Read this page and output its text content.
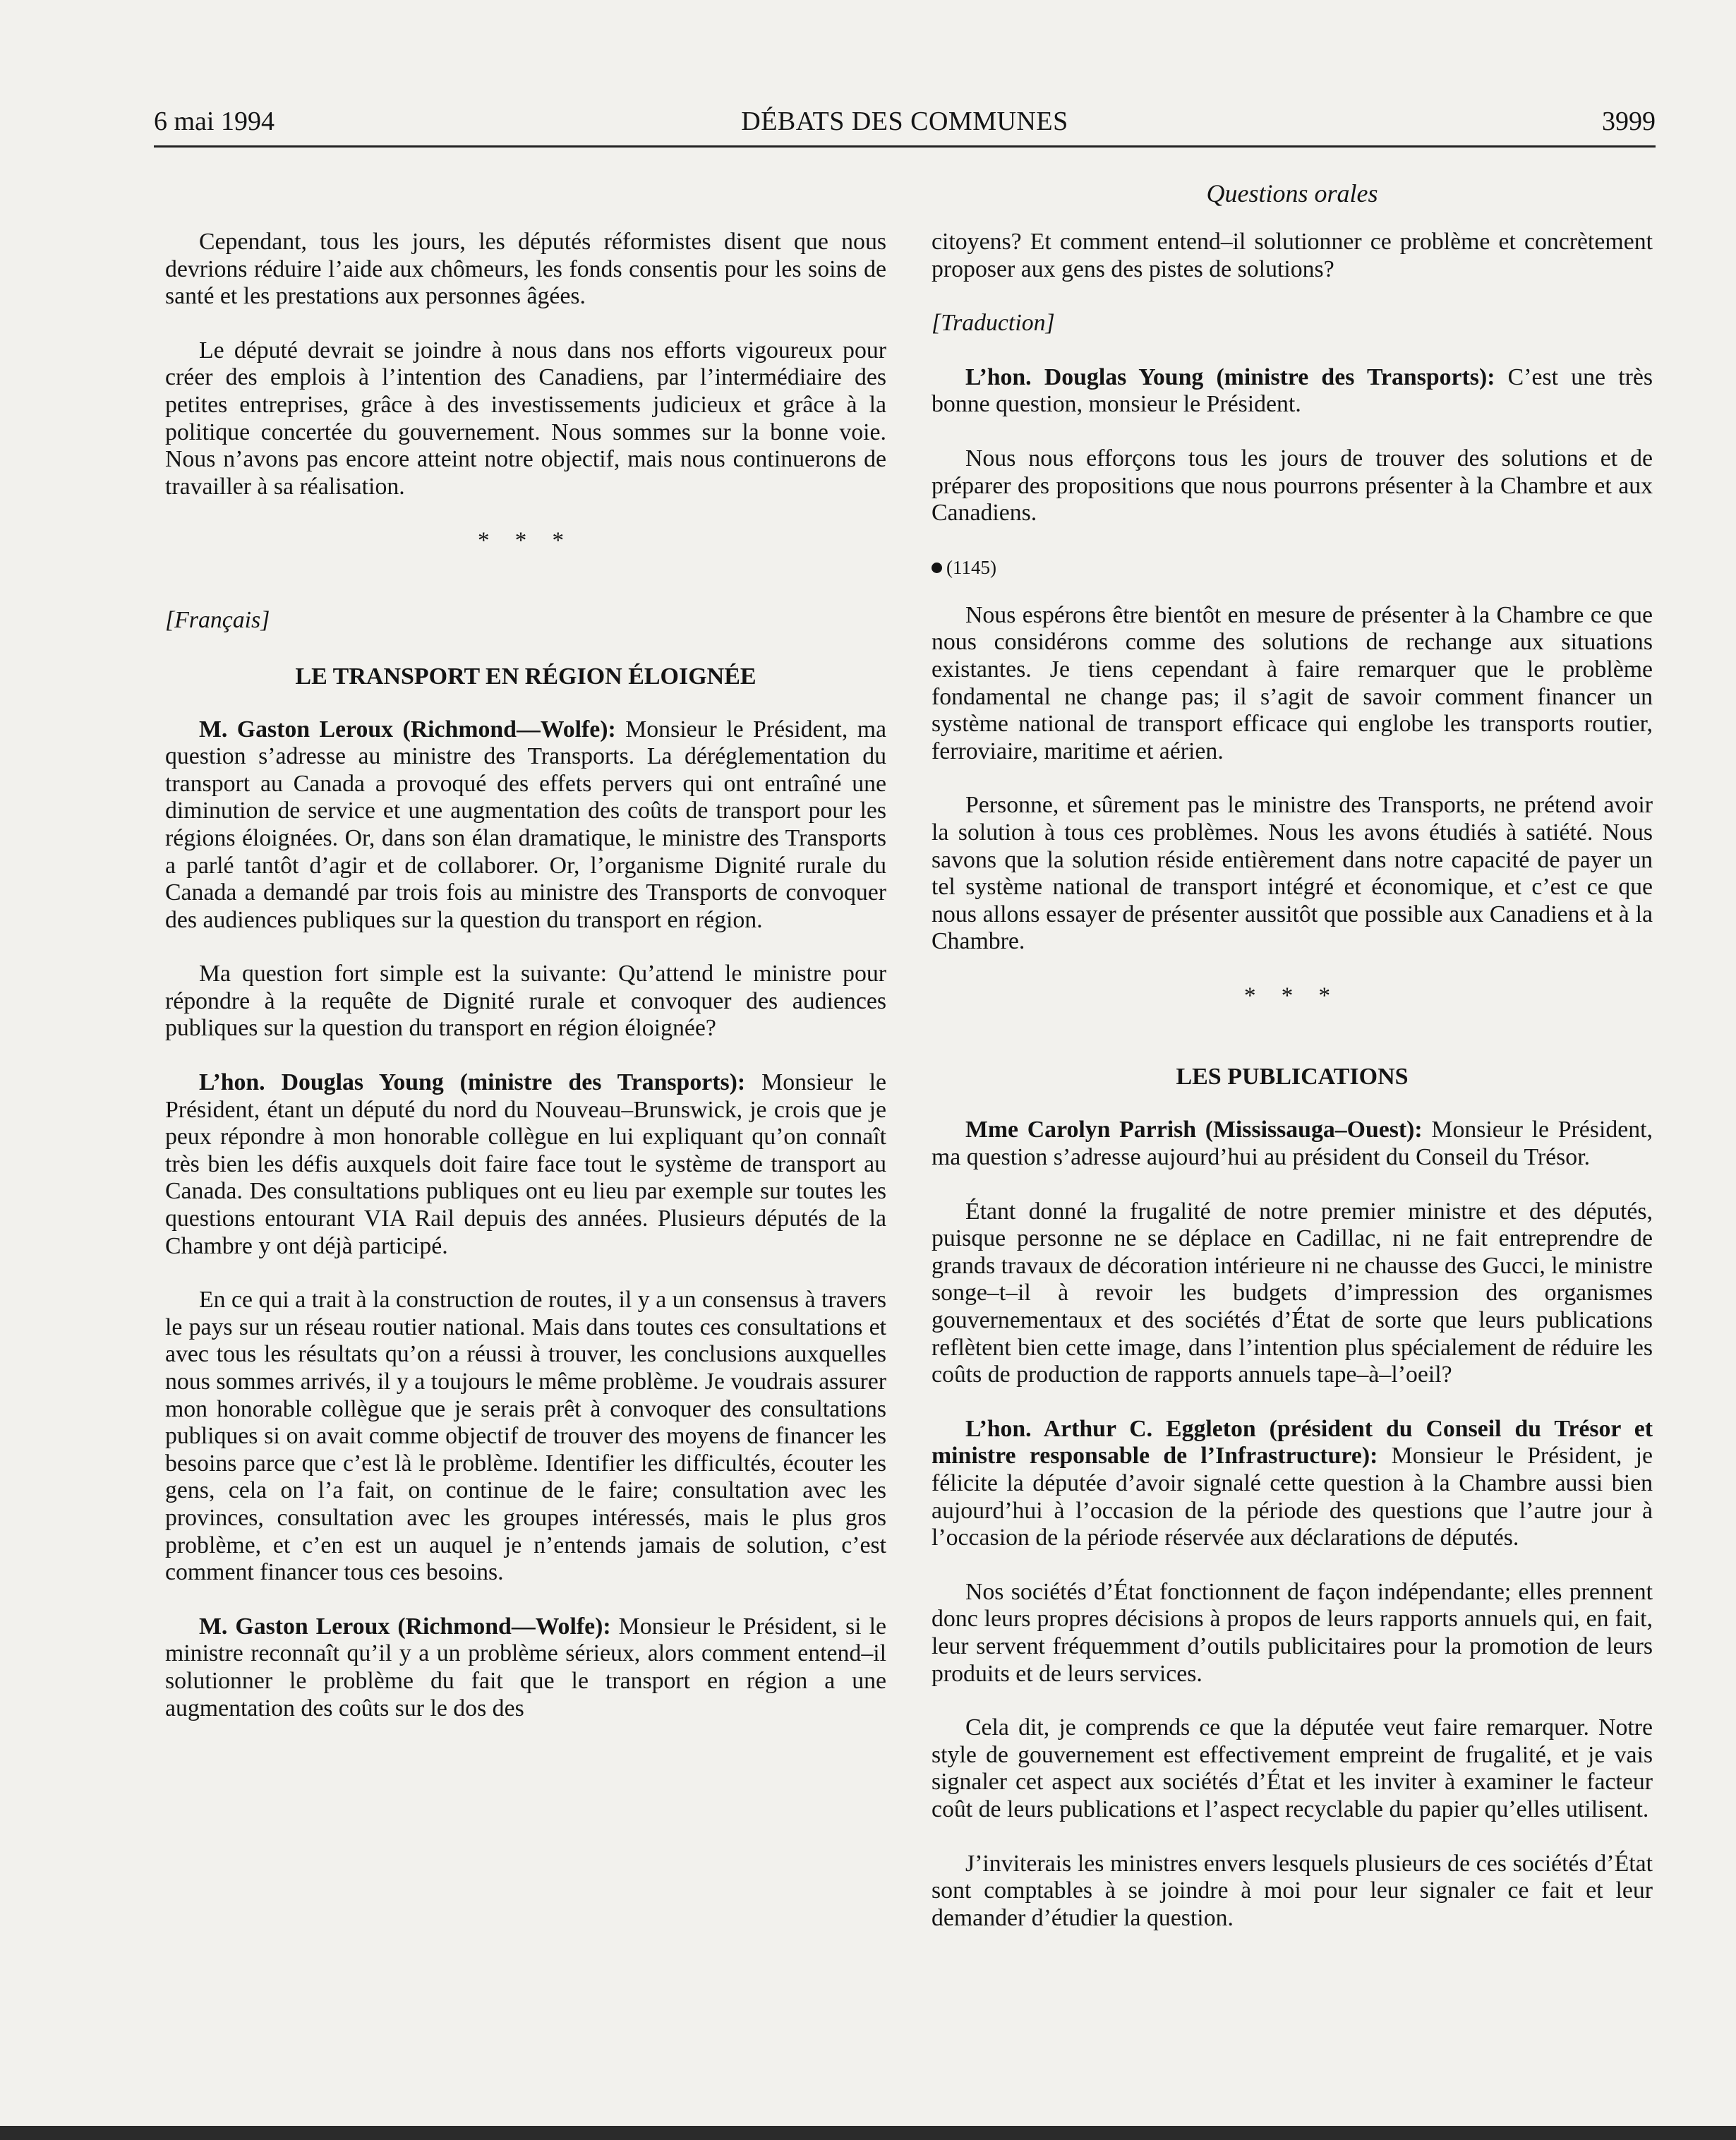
6 mai 1994	DÉBATS DES COMMUNES	3999
Questions orales

Cependant, tous les jours, les députés réformistes disent que nous devrions réduire l’aide aux chômeurs, les fonds consentis pour les soins de santé et les prestations aux personnes âgées.

Le député devrait se joindre à nous dans nos efforts vigoureux pour créer des emplois à l’intention des Canadiens, par l’intermédiaire des petites entreprises, grâce à des investissements judicieux et grâce à la politique concertée du gouvernement. Nous sommes sur la bonne voie. Nous n’avons pas encore atteint notre objectif, mais nous continuerons de travailler à sa réalisation.

* * *
[Français]
LE TRANSPORT EN RÉGION ÉLOIGNÉE

M. Gaston Leroux (Richmond—Wolfe): Monsieur le Président, ma question s’adresse au ministre des Transports. La déréglementation du transport au Canada a provoqué des effets pervers qui ont entraîné une diminution de service et une augmentation des coûts de transport pour les régions éloignées. Or, dans son élan dramatique, le ministre des Transports a parlé tantôt d’agir et de collaborer. Or, l’organisme Dignité rurale du Canada a demandé par trois fois au ministre des Transports de convoquer des audiences publiques sur la question du transport en région.

Ma question fort simple est la suivante: Qu’attend le ministre pour répondre à la requête de Dignité rurale et convoquer des audiences publiques sur la question du transport en région éloignée?

L’hon. Douglas Young (ministre des Transports): Monsieur le Président, étant un député du nord du Nouveau–Brunswick, je crois que je peux répondre à mon honorable collègue en lui expliquant qu’on connaît très bien les défis auxquels doit faire face tout le système de transport au Canada. Des consultations publiques ont eu lieu par exemple sur toutes les questions entourant VIA Rail depuis des années. Plusieurs députés de la Chambre y ont déjà participé.

En ce qui a trait à la construction de routes, il y a un consensus à travers le pays sur un réseau routier national. Mais dans toutes ces consultations et avec tous les résultats qu’on a réussi à trouver, les conclusions auxquelles nous sommes arrivés, il y a toujours le même problème. Je voudrais assurer mon honorable collègue que je serais prêt à convoquer des consultations publiques si on avait comme objectif de trouver des moyens de financer les besoins parce que c’est là le problème. Identifier les difficultés, écouter les gens, cela on l’a fait, on continue de le faire; consultation avec les provinces, consultation avec les groupes intéressés, mais le plus gros problème, et c’en est un auquel je n’entends jamais de solution, c’est comment financer tous ces besoins.

M. Gaston Leroux (Richmond—Wolfe): Monsieur le Président, si le ministre reconnaît qu’il y a un problème sérieux, alors comment entend–il solutionner le problème du fait que le transport en région a une augmentation des coûts sur le dos des

citoyens? Et comment entend–il solutionner ce problème et concrètement proposer aux gens des pistes de solutions?

[Traduction]

L’hon. Douglas Young (ministre des Transports): C’est une très bonne question, monsieur le Président.

Nous nous efforçons tous les jours de trouver des solutions et de préparer des propositions que nous pourrons présenter à la Chambre et aux Canadiens.

(1145)

Nous espérons être bientôt en mesure de présenter à la Chambre ce que nous considérons comme des solutions de rechange aux situations existantes. Je tiens cependant à faire remarquer que le problème fondamental ne change pas; il s’agit de savoir comment financer un système national de transport efficace qui englobe les transports routier, ferroviaire, maritime et aérien.

Personne, et sûrement pas le ministre des Transports, ne prétend avoir la solution à tous ces problèmes. Nous les avons étudiés à satiété. Nous savons que la solution réside entièrement dans notre capacité de payer un tel système national de transport intégré et économique, et c’est ce que nous allons essayer de présenter aussitôt que possible aux Canadiens et à la Chambre.

* * *
LES PUBLICATIONS

Mme Carolyn Parrish (Mississauga–Ouest): Monsieur le Président, ma question s’adresse aujourd’hui au président du Conseil du Trésor.

Étant donné la frugalité de notre premier ministre et des députés, puisque personne ne se déplace en Cadillac, ni ne fait entreprendre de grands travaux de décoration intérieure ni ne chausse des Gucci, le ministre songe–t–il à revoir les budgets d’impression des organismes gouvernementaux et des sociétés d’État de sorte que leurs publications reflètent bien cette image, dans l’intention plus spécialement de réduire les coûts de production de rapports annuels tape–à–l’oeil?

L’hon. Arthur C. Eggleton (président du Conseil du Trésor et ministre responsable de l’Infrastructure): Monsieur le Président, je félicite la députée d’avoir signalé cette question à la Chambre aussi bien aujourd’hui à l’occasion de la période des questions que l’autre jour à l’occasion de la période réservée aux déclarations de députés.

Nos sociétés d’État fonctionnent de façon indépendante; elles prennent donc leurs propres décisions à propos de leurs rapports annuels qui, en fait, leur servent fréquemment d’outils publicitaires pour la promotion de leurs produits et de leurs services.

Cela dit, je comprends ce que la députée veut faire remarquer. Notre style de gouvernement est effectivement empreint de frugalité, et je vais signaler cet aspect aux sociétés d’État et les inviter à examiner le facteur coût de leurs publications et l’aspect recyclable du papier qu’elles utilisent.

J’inviterais les ministres envers lesquels plusieurs de ces sociétés d’État sont comptables à se joindre à moi pour leur signaler ce fait et leur demander d’étudier la question.
